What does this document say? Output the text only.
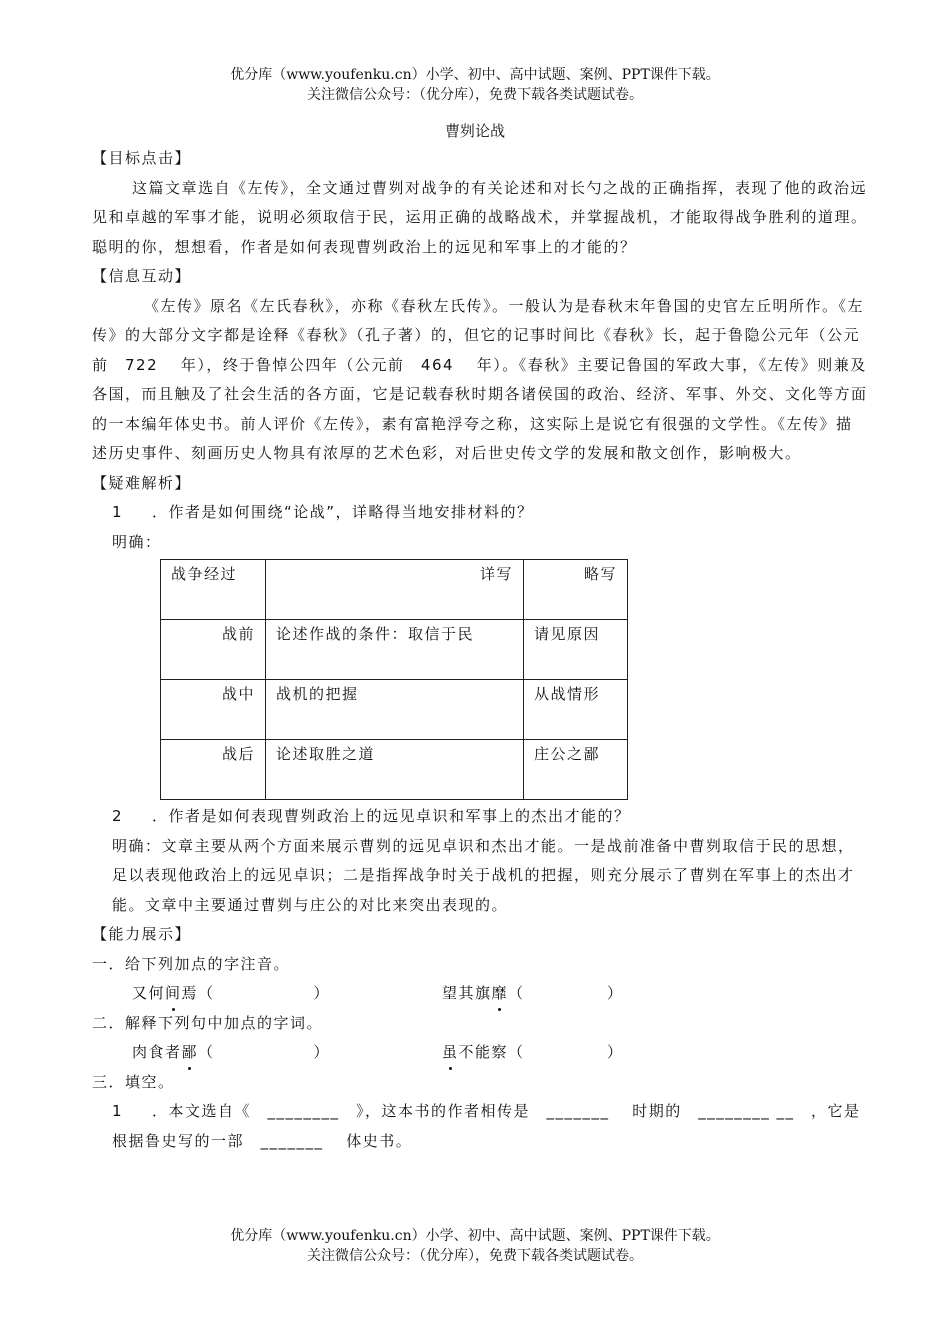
优分库（www.youfenku.cn）小学、初中、高中试题、案例、PPT课件下载。
关注微信公众号：（优分库），免费下载各类试题试卷。
曹刿论战

【目标点击】

这篇文章选自《左传》，全文通过曹刿对战争的有关论述和对长勺之战的正确指挥，表现了他的政治远见和卓越的军事才能，说明必须取信于民，运用正确的战略战术，并掌握战机，才能取得战争胜利的道理。聪明的你，想想看，作者是如何表现曹刿政治上的远见和军事上的才能的？

【信息互动】

《左传》原名《左氏春秋》，亦称《春秋左氏传》。一般认为是春秋末年鲁国的史官左丘明所作。《左传》的大部分文字都是诠释《春秋》（孔子著）的，但它的记事时间比《春秋》长，起于鲁隐公元年（公元前　722　 年），终于鲁悼公四年（公元前　464　 年）。《春秋》主要记鲁国的军政大事，《左传》则兼及各国，而且触及了社会生活的各方面，它是记载春秋时期各诸侯国的政治、经济、军事、外交、文化等方面的一本编年体史书。前人评价《左传》，素有富艳浮夸之称，这实际上是说它有很强的文学性。《左传》描述历史事件、刻画历史人物具有浓厚的艺术色彩，对后世史传文学的发展和散文创作，影响极大。

【疑难解析】

1 ．作者是如何围绕“论战”，详略得当地安排材料的？

明确：

战争经过	详写	略写

战前	论述作战的条件：取信于民	请见原因
战中	战机的把握	从战情形
战后	论述取胜之道	庄公之鄙

2 ．作者是如何表现曹刿政治上的远见卓识和军事上的杰出才能的？

明确：文章主要从两个方面来展示曹刿的远见卓识和杰出才能。一是战前准备中曹刿取信于民的思想，足以表现他政治上的远见卓识；二是指挥战争时关于战机的把握，则充分展示了曹刿在军事上的杰出才能。文章中主要通过曹刿与庄公的对比来突出表现的。

【能力展示】

一．给下列加点的字注音。

又何间焉（　　　　　　）	望其旗靡（　　　　　）

二．解释下列句中加点的字词。

肉食者鄙（　　　　　　）	虽不能察（　　　　　）

三．填空。

1 ．本文选自《　________　》，这本书的作者相传是　_______　 时期的　________ __　，它是根据鲁史写的一部　_______　 体史书。

优分库（www.youfenku.cn）小学、初中、高中试题、案例、PPT课件下载。
关注微信公众号：（优分库），免费下载各类试题试卷。
